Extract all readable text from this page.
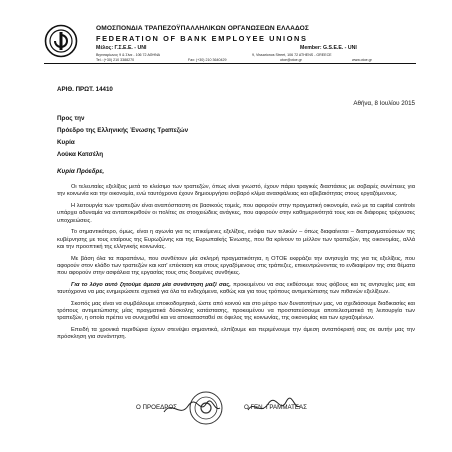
ΟΜΟΣΠΟΝΔΙΑ ΤΡΑΠΕΖΟΫΠΑΛΛΗΛΙΚΩΝ ΟΡΓΑΝΩΣΕΩΝ ΕΛΛΑΔΟΣ
FEDERATION OF BANK EMPLOYEE UNIONS
Μέλος: Γ.Σ.Ε.Ε. - UNI	Member: G.S.E.E. - UNI
Βησσαρίωνος 9 & Σίνα - 106 72 ΑΘΗΝΑ	9, Vissarionos Street, 106 72 ATHENS - GREECE
Tel.: (+30) 210 3388270	Fax: (+30) 210 3640429	otoe@otoe.gr	www.otoe.gr
ΑΡΙΘ. ΠΡΩΤ. 14410
Αθήνα, 8 Ιουλίου 2015
Προς την
Πρόεδρο της Ελληνικής Ένωσης Τραπεζών
Κυρία
Λούκα Κατσέλη
Κυρία Πρόεδρε,

Οι τελευταίες εξελίξεις μετά το κλείσιμο των τραπεζών, όπως είναι γνωστό, έχουν πάρει τραγικές διαστάσεις με σοβαρές συνέπειες για την κοινωνία και την οικονομία, ενώ ταυτόχρονα έχουν δημιουργήσει σοβαρό κλίμα ανασφάλειας και αβεβαιότητας στους εργαζόμενους.

Η λειτουργία των τραπεζών είναι αναπόσπαστη σε βασικούς τομείς, που αφορούν στην πραγματική οικονομία, ενώ με τα capital controls υπάρχει αδυναμία να ανταποκριθούν οι πολίτες σε στοιχειώδεις ανάγκες, που αφορούν στην καθημερινότητά τους και σε διάφορες τρέχουσες υποχρεώσεις.

Το σημαντικότερο, όμως, είναι η αγωνία για τις επικείμενες εξελίξεις, ενόψει των τελικών – όπως διαφαίνεται – διαπραγματεύσεων της κυβέρνησης με τους εταίρους της Ευρωζώνης και της Ευρωπαϊκής Ένωσης, που θα κρίνουν το μέλλον των τραπεζών, της οικονομίας, αλλά και την προοπτική της ελληνικής κοινωνίας.

Με βάση όλα τα παραπάνω, που συνθέτουν μία σκληρή πραγματικότητα, η ΟΤΟΕ εκφράζει την ανησυχία της για τις εξελίξεις, που αφορούν στον κλάδο των τραπεζών και κατ' επέκταση και στους εργαζόμενους στις τράπεζες, επικεντρώνοντας το ενδιαφέρον της στα θέματα που αφορούν στην ασφάλεια της εργασίας τους στις δοσμένες συνθήκες.

Για το λόγο αυτό ζητούμε άμεσα μία συνάντηση μαζί σας, προκειμένου να σας εκθέσουμε τους φόβους και τις ανησυχίες μας και ταυτόχρονα να μας ενημερώσετε σχετικά για όλα τα ενδεχόμενα, καθώς και για τους τρόπους αντιμετώπισης των πιθανών εξελίξεων.

Σκοπός μας είναι να συμβάλουμε εποικοδομητικά, ώστε από κοινού και στο μέτρο των δυνατοτήτων μας, να σχεδιάσουμε διαδικασίες και τρόπους αντιμετώπισης μίας πραγματικά δύσκολης κατάστασης, προκειμένου να προστατεύσουμε αποτελεσματικά τη λειτουργία των τραπεζών, η οποία πρέπει να συνεχισθεί και να αποκατασταθεί σε όφελος της κοινωνίας, της οικονομίας και των εργαζομένων.

Επειδή τα χρονικά περιθώρια έχουν στενέψει σημαντικά, ελπίζουμε και περιμένουμε την άμεση ανταπόκρισή σας σε αυτήν μας την πρόσκληση για συνάντηση.

Ο ΠΡΟΕΔΡΟΣ	Ο ΓΕΝ. ΓΡΑΜΜΑΤΕΑΣ
